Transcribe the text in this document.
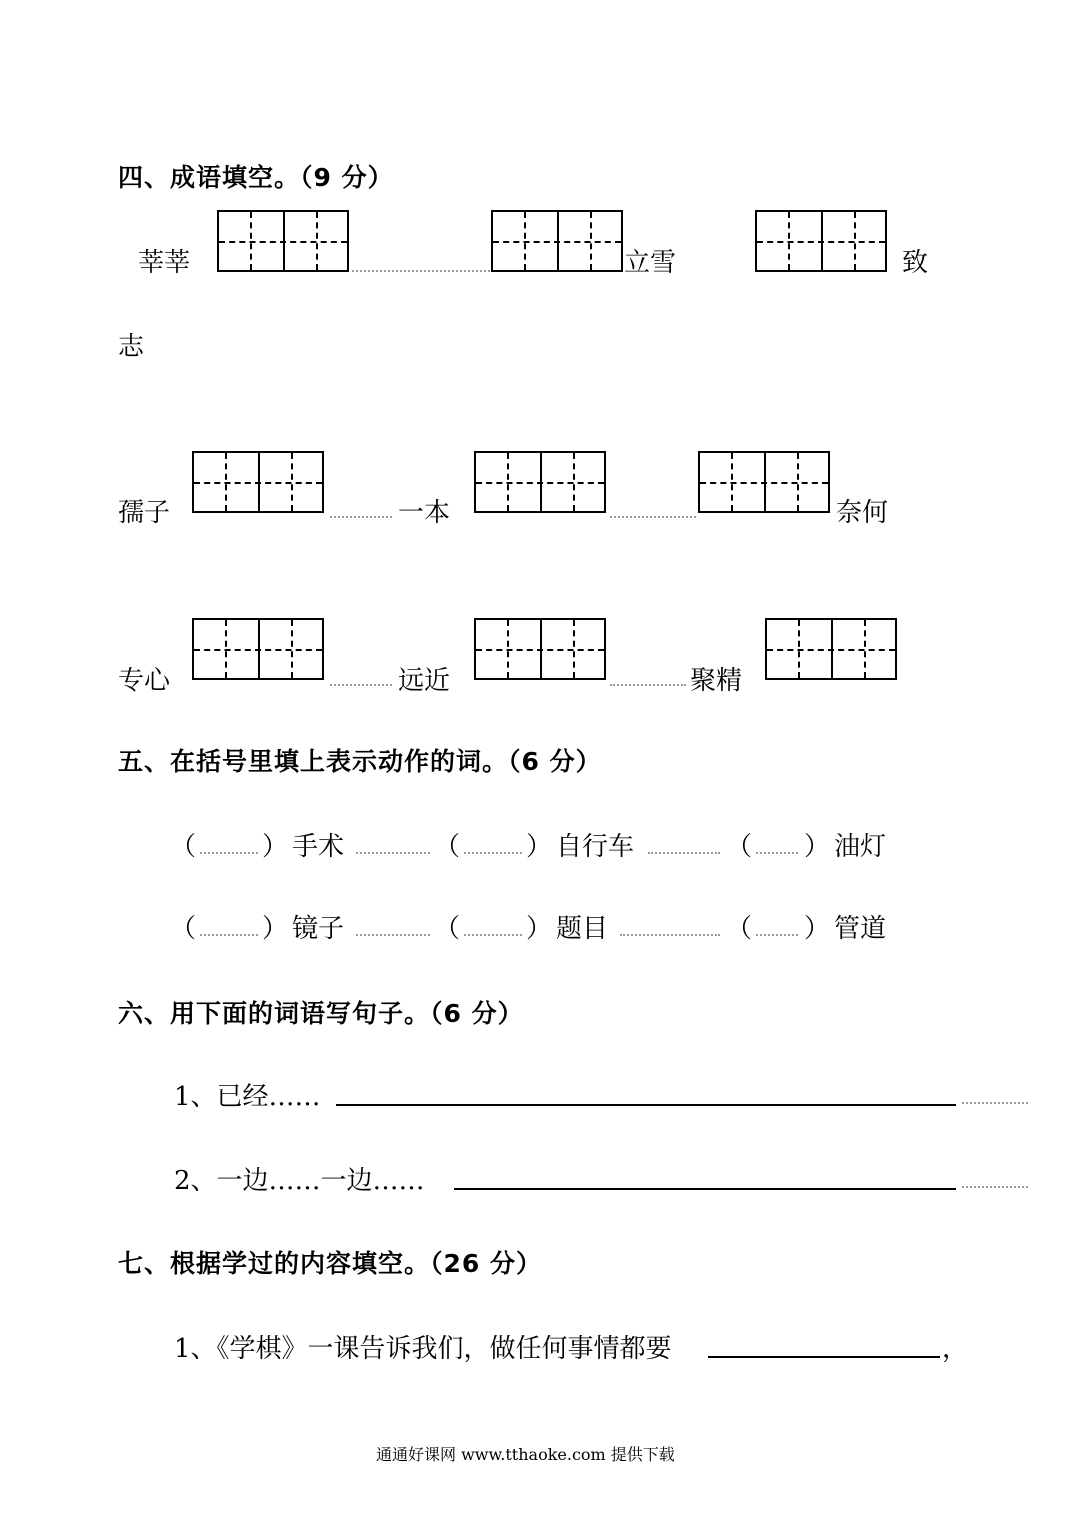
四、成语填空。（9 分）
莘莘	立雪	致
志
孺子	一本	奈何
专心	远近	聚精
五、在括号里填上表示动作的词。（6 分）
（	） 手术	（	） 自行车	（ ） 油灯
（	） 镜子	（	） 题目	（ ） 管道
六、用下面的词语写句子。（6 分）
1、已经……
2、一边……一边……
七、根据学过的内容填空。（26 分）
1、《学棋》一课告诉我们，做任何事情都要	，
通通好课网 www.tthaoke.com 提供下载
